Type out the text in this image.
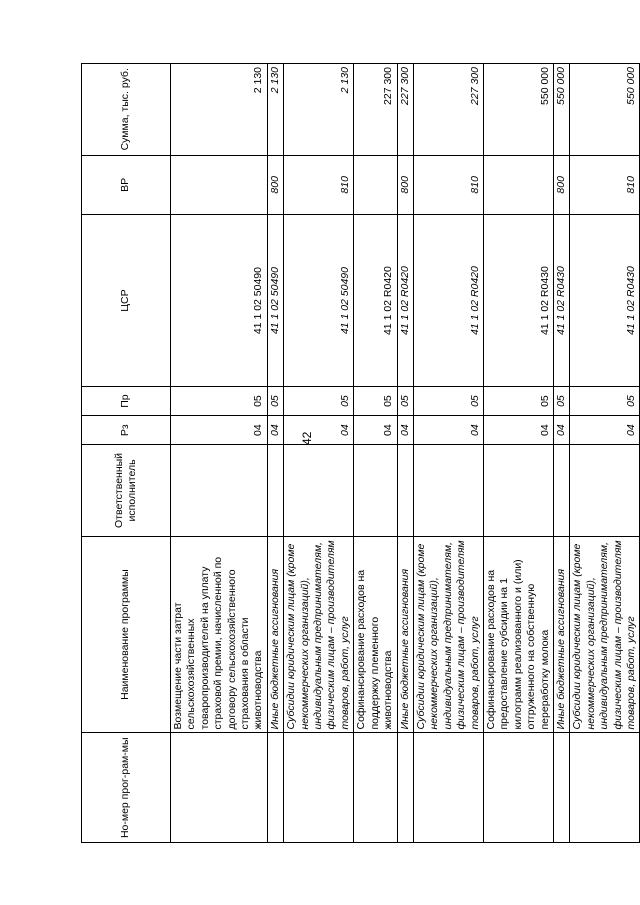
42
Но-мер прог-рам-мы	Наименование программы	Ответственный исполнитель	Рз	Пр	ЦСР	ВР	Сумма, тыс. руб.
	Возмещение части затрат сельскохозяйственных товаропроизводителей на уплату страховой премии, начисленной по договору сельскохозяйственного страхования в области животноводства		04	05	41 1 02 50490		2 130
	Иные бюджетные ассигнования		04	05	41 1 02 50490	800	2 130
	Субсидии юридическим лицам (кроме некоммерческих организаций), индивидуальным предпринимателям, физическим лицам – производителям товаров, работ, услуг		04	05	41 1 02 50490	810	2 130
	Софинансирование расходов на поддержку племенного животноводства		04	05	41 1 02 R0420		227 300
	Иные бюджетные ассигнования		04	05	41 1 02 R0420	800	227 300
	Субсидии юридическим лицам (кроме некоммерческих организаций), индивидуальным предпринимателям, физическим лицам – производителям товаров, работ, услуг		04	05	41 1 02 R0420	810	227 300
	Софинансирование расходов на предоставление субсидии на 1 килограмм реализованного и (или) отгруженного на собственную переработку молока		04	05	41 1 02 R0430		550 000
	Иные бюджетные ассигнования		04	05	41 1 02 R0430	800	550 000
	Субсидии юридическим лицам (кроме некоммерческих организаций), индивидуальным предпринимателям, физическим лицам – производителям товаров, работ, услуг		04	05	41 1 02 R0430	810	550 000
